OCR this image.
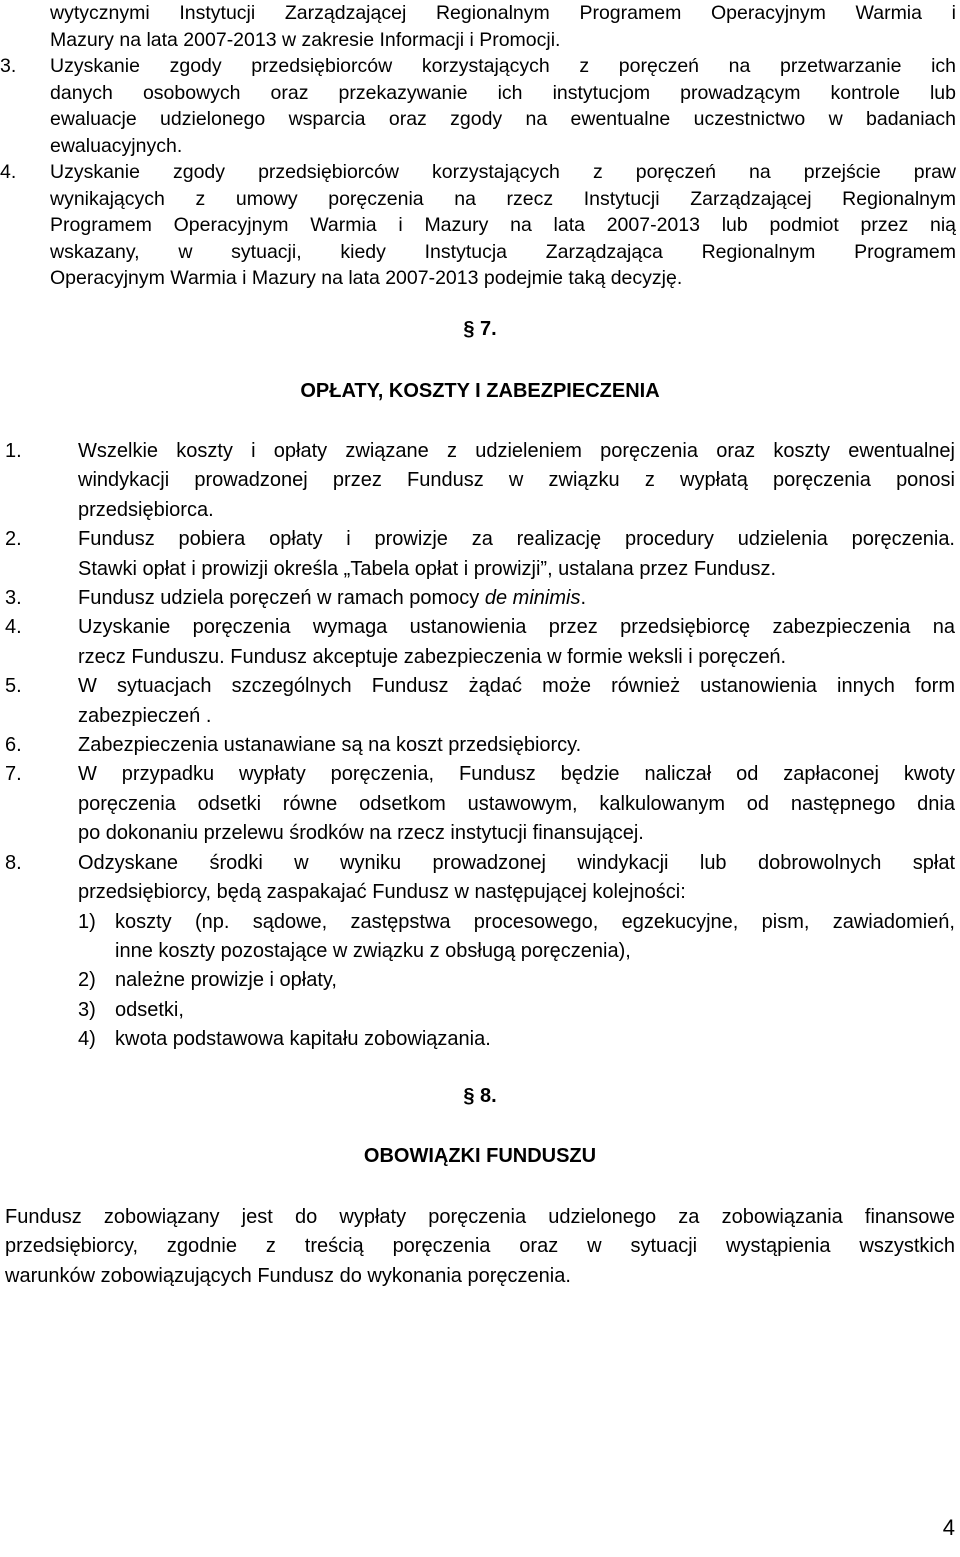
wytycznymi Instytucji Zarządzającej Regionalnym Programem Operacyjnym Warmia i
Mazury na lata 2007-2013 w zakresie Informacji i Promocji.
3. Uzyskanie zgody przedsiębiorców korzystających z poręczeń na przetwarzanie ich
danych osobowych oraz przekazywanie ich instytucjom prowadzącym kontrole lub
ewaluacje udzielonego wsparcia oraz zgody na ewentualne uczestnictwo w badaniach
ewaluacyjnych.
4. Uzyskanie zgody przedsiębiorców korzystających z poręczeń na przejście praw
wynikających z umowy poręczenia na rzecz Instytucji Zarządzającej Regionalnym
Programem Operacyjnym Warmia i Mazury na lata 2007-2013 lub podmiot przez nią
wskazany, w sytuacji, kiedy Instytucja Zarządzająca Regionalnym Programem
Operacyjnym Warmia i Mazury na lata 2007-2013 podejmie taką decyzję.
§ 7.
OPŁATY, KOSZTY I ZABEZPIECZENIA
1.	Wszelkie koszty i opłaty związane z udzieleniem poręczenia oraz koszty ewentualnej
windykacji prowadzonej przez Fundusz w związku z wypłatą poręczenia ponosi
przedsiębiorca.
2.	Fundusz pobiera opłaty i prowizje za realizację procedury udzielenia poręczenia.
Stawki opłat i prowizji określa „Tabela opłat i prowizji”, ustalana przez Fundusz.
3.	Fundusz udziela poręczeń w ramach pomocy de minimis.
4.	Uzyskanie poręczenia wymaga ustanowienia przez przedsiębiorcę zabezpieczenia na
rzecz Funduszu. Fundusz akceptuje zabezpieczenia w formie weksli i poręczeń.
5.	W sytuacjach szczególnych Fundusz żądać może również ustanowienia innych form
zabezpieczeń .
6.	Zabezpieczenia ustanawiane są na koszt przedsiębiorcy.
7.	W przypadku wypłaty poręczenia, Fundusz będzie naliczał od zapłaconej kwoty
poręczenia odsetki równe odsetkom ustawowym, kalkulowanym od następnego dnia
po dokonaniu przelewu środków na rzecz instytucji finansującej.
8.	Odzyskane środki w wyniku prowadzonej windykacji lub dobrowolnych spłat
przedsiębiorcy, będą zaspakajać Fundusz w następującej kolejności:
1) koszty (np. sądowe, zastępstwa procesowego, egzekucyjne, pism, zawiadomień,
inne koszty pozostające w związku z obsługą poręczenia),
2) należne prowizje i opłaty,
3) odsetki,
4) kwota podstawowa kapitału zobowiązania.
§ 8.
OBOWIĄZKI FUNDUSZU
Fundusz zobowiązany jest do wypłaty poręczenia udzielonego za zobowiązania finansowe
przedsiębiorcy, zgodnie z treścią poręczenia oraz w sytuacji wystąpienia wszystkich
warunków zobowiązujących Fundusz do wykonania poręczenia.
4
